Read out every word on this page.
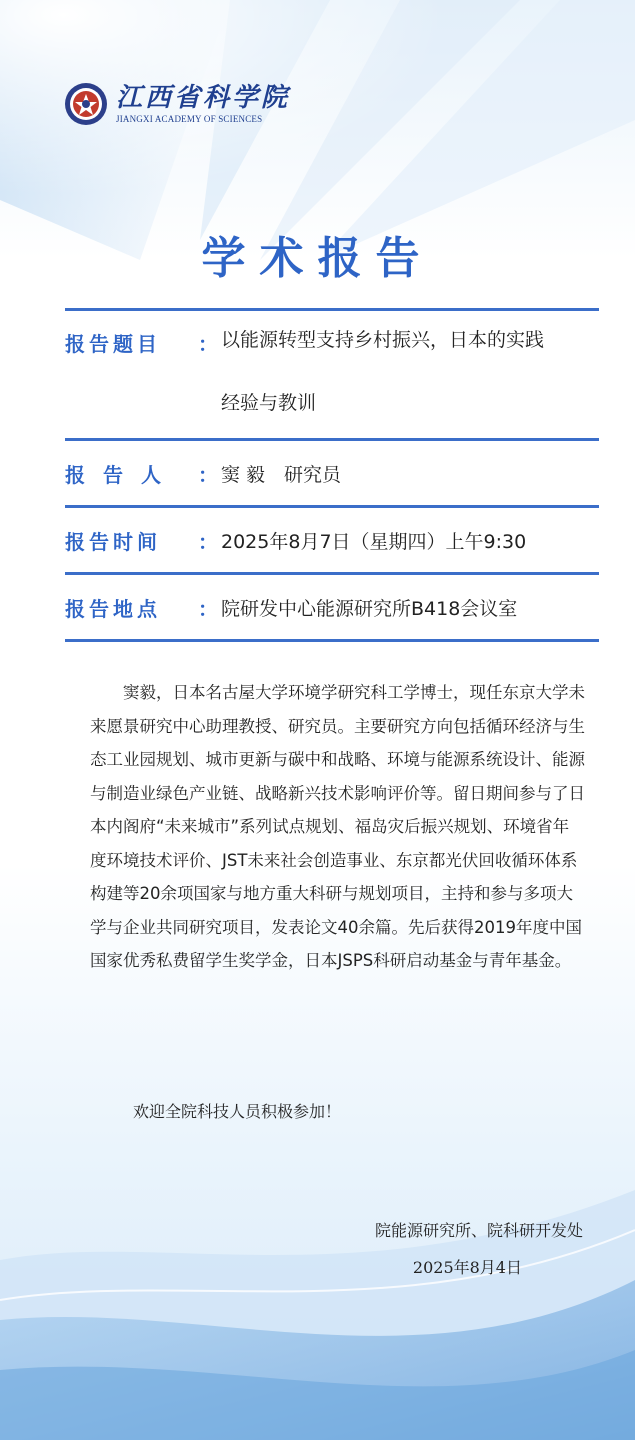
江西省科学院
JIANGXI ACADEMY OF SCIENCES
学术报告
报告题目	： 以能源转型支持乡村振兴，日本的实践
经验与教训
报告人 ： 窦 毅　研究员
报告时间	： 2025年8月7日（星期四）上午9:30
报告地点	： 院研发中心能源研究所B418会议室
窦毅，日本名古屋大学环境学研究科工学博士，现任东京大学未来愿景研究中心助理教授、研究员。主要研究方向包括循环经济与生态工业园规划、城市更新与碳中和战略、环境与能源系统设计、能源与制造业绿色产业链、战略新兴技术影响评价等。留日期间参与了日本内阁府“未来城市”系列试点规划、福岛灾后振兴规划、环境省年度环境技术评价、JST未来社会创造事业、东京都光伏回收循环体系构建等20余项国家与地方重大科研与规划项目，主持和参与多项大学与企业共同研究项目，发表论文40余篇。先后获得2019年度中国国家优秀私费留学生奖学金，日本JSPS科研启动基金与青年基金。
欢迎全院科技人员积极参加！
院能源研究所、院科研开发处
2025年8月4日
